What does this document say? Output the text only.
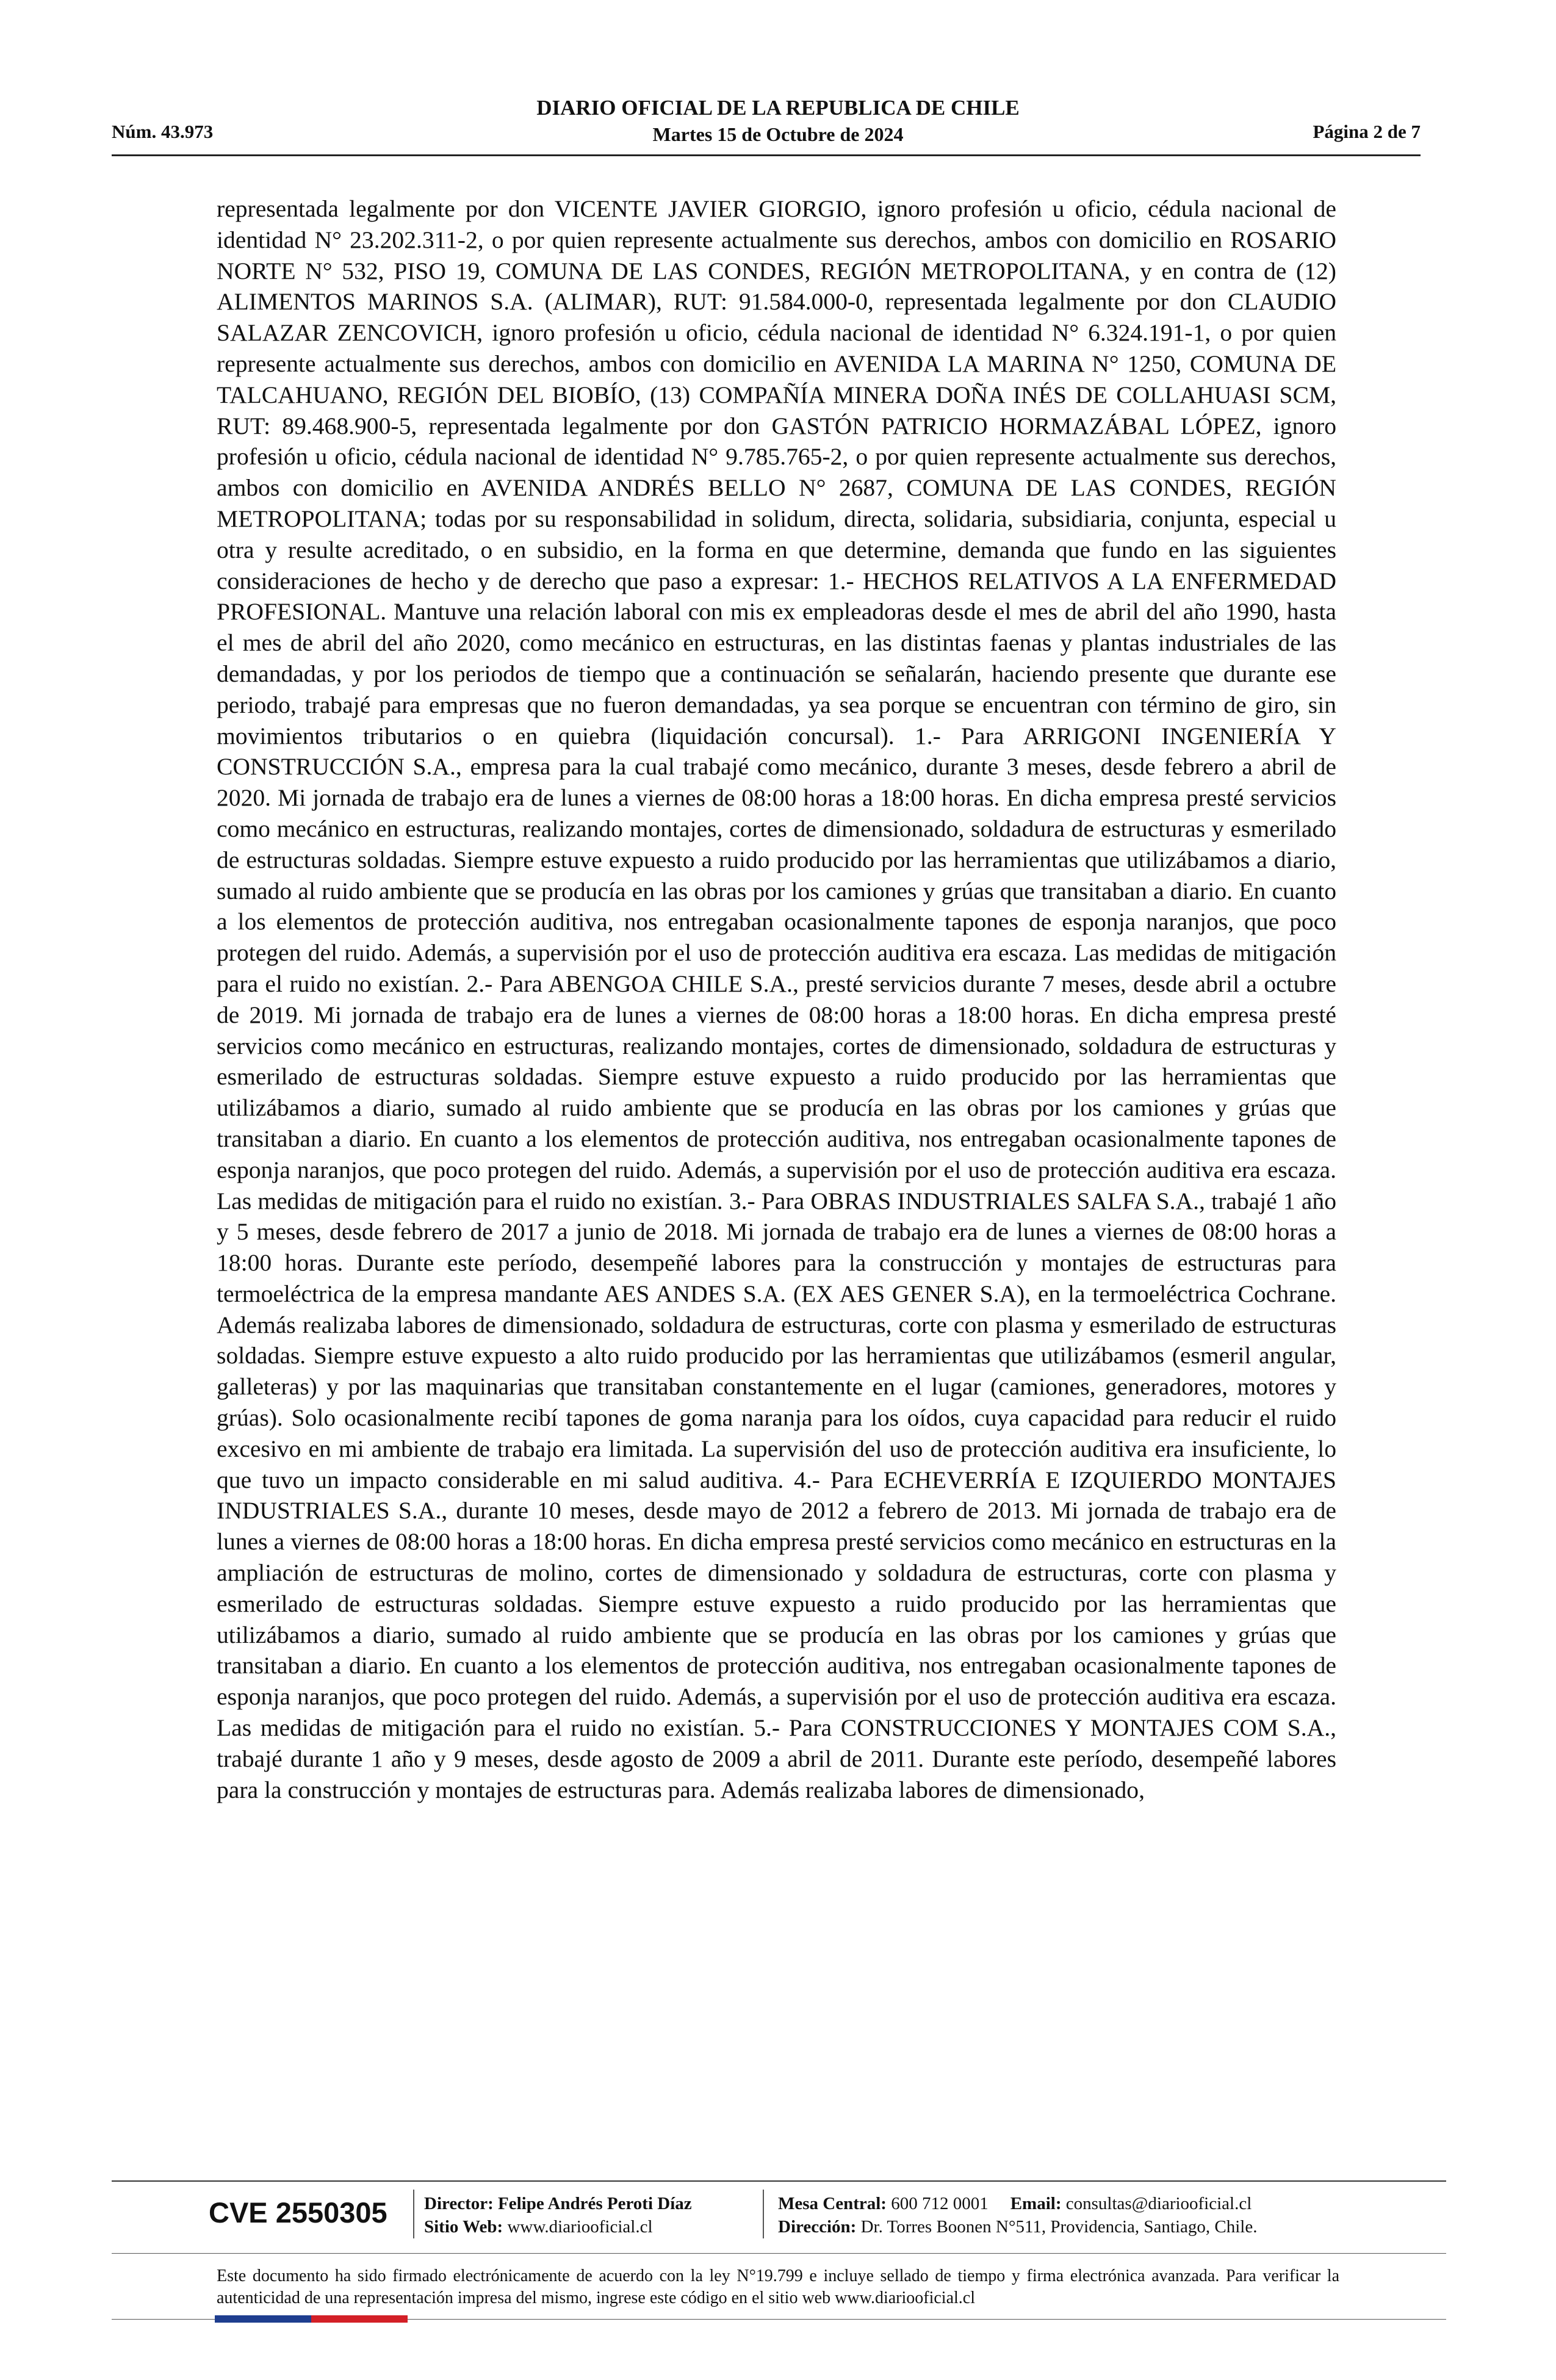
Núm. 43.973
DIARIO OFICIAL DE LA REPUBLICA DE CHILE
Martes 15 de Octubre de 2024	Página 2 de 7

representada legalmente por don VICENTE JAVIER GIORGIO, ignoro profesión u oficio, cédula nacional de identidad N° 23.202.311-2, o por quien represente actualmente sus derechos, ambos con domicilio en ROSARIO NORTE N° 532, PISO 19, COMUNA DE LAS CONDES, REGIÓN METROPOLITANA, y en contra de (12) ALIMENTOS MARINOS S.A. (ALIMAR), RUT: 91.584.000-0, representada legalmente por don CLAUDIO SALAZAR ZENCOVICH, ignoro profesión u oficio, cédula nacional de identidad N° 6.324.191-1, o por quien represente actualmente sus derechos, ambos con domicilio en AVENIDA LA MARINA N° 1250, COMUNA DE TALCAHUANO, REGIÓN DEL BIOBÍO, (13) COMPAÑÍA MINERA DOÑA INÉS DE COLLAHUASI SCM, RUT: 89.468.900-5, representada legalmente por don GASTÓN PATRICIO HORMAZÁBAL LÓPEZ, ignoro profesión u oficio, cédula nacional de identidad N° 9.785.765-2, o por quien represente actualmente sus derechos, ambos con domicilio en AVENIDA ANDRÉS BELLO N° 2687, COMUNA DE LAS CONDES, REGIÓN METROPOLITANA; todas por su responsabilidad in solidum, directa, solidaria, subsidiaria, conjunta, especial u otra y resulte acreditado, o en subsidio, en la forma en que determine, demanda que fundo en las siguientes consideraciones de hecho y de derecho que paso a expresar: 1.- HECHOS RELATIVOS A LA ENFERMEDAD PROFESIONAL. Mantuve una relación laboral con mis ex empleadoras desde el mes de abril del año 1990, hasta el mes de abril del año 2020, como mecánico en estructuras, en las distintas faenas y plantas industriales de las demandadas, y por los periodos de tiempo que a continuación se señalarán, haciendo presente que durante ese periodo, trabajé para empresas que no fueron demandadas, ya sea porque se encuentran con término de giro, sin movimientos tributarios o en quiebra (liquidación concursal). 1.- Para ARRIGONI INGENIERÍA Y CONSTRUCCIÓN S.A., empresa para la cual trabajé como mecánico, durante 3 meses, desde febrero a abril de 2020. Mi jornada de trabajo era de lunes a viernes de 08:00 horas a 18:00 horas. En dicha empresa presté servicios como mecánico en estructuras, realizando montajes, cortes de dimensionado, soldadura de estructuras y esmerilado de estructuras soldadas. Siempre estuve expuesto a ruido producido por las herramientas que utilizábamos a diario, sumado al ruido ambiente que se producía en las obras por los camiones y grúas que transitaban a diario. En cuanto a los elementos de protección auditiva, nos entregaban ocasionalmente tapones de esponja naranjos, que poco protegen del ruido. Además, a supervisión por el uso de protección auditiva era escaza. Las medidas de mitigación para el ruido no existían. 2.- Para ABENGOA CHILE S.A., presté servicios durante 7 meses, desde abril a octubre de 2019. Mi jornada de trabajo era de lunes a viernes de 08:00 horas a 18:00 horas. En dicha empresa presté servicios como mecánico en estructuras, realizando montajes, cortes de dimensionado, soldadura de estructuras y esmerilado de estructuras soldadas. Siempre estuve expuesto a ruido producido por las herramientas que utilizábamos a diario, sumado al ruido ambiente que se producía en las obras por los camiones y grúas que transitaban a diario. En cuanto a los elementos de protección auditiva, nos entregaban ocasionalmente tapones de esponja naranjos, que poco protegen del ruido. Además, a supervisión por el uso de protección auditiva era escaza. Las medidas de mitigación para el ruido no existían. 3.- Para OBRAS INDUSTRIALES SALFA S.A., trabajé 1 año y 5 meses, desde febrero de 2017 a junio de 2018. Mi jornada de trabajo era de lunes a viernes de 08:00 horas a 18:00 horas. Durante este período, desempeñé labores para la construcción y montajes de estructuras para termoeléctrica de la empresa mandante AES ANDES S.A. (EX AES GENER S.A), en la termoeléctrica Cochrane. Además realizaba labores de dimensionado, soldadura de estructuras, corte con plasma y esmerilado de estructuras soldadas. Siempre estuve expuesto a alto ruido producido por las herramientas que utilizábamos (esmeril angular, galleteras) y por las maquinarias que transitaban constantemente en el lugar (camiones, generadores, motores y grúas). Solo ocasionalmente recibí tapones de goma naranja para los oídos, cuya capacidad para reducir el ruido excesivo en mi ambiente de trabajo era limitada. La supervisión del uso de protección auditiva era insuficiente, lo que tuvo un impacto considerable en mi salud auditiva. 4.- Para ECHEVERRÍA E IZQUIERDO MONTAJES INDUSTRIALES S.A., durante 10 meses, desde mayo de 2012 a febrero de 2013. Mi jornada de trabajo era de lunes a viernes de 08:00 horas a 18:00 horas. En dicha empresa presté servicios como mecánico en estructuras en la ampliación de estructuras de molino, cortes de dimensionado y soldadura de estructuras, corte con plasma y esmerilado de estructuras soldadas. Siempre estuve expuesto a ruido producido por las herramientas que utilizábamos a diario, sumado al ruido ambiente que se producía en las obras por los camiones y grúas que transitaban a diario. En cuanto a los elementos de protección auditiva, nos entregaban ocasionalmente tapones de esponja naranjos, que poco protegen del ruido. Además, a supervisión por el uso de protección auditiva era escaza. Las medidas de mitigación para el ruido no existían. 5.- Para CONSTRUCCIONES Y MONTAJES COM S.A., trabajé durante 1 año y 9 meses, desde agosto de 2009 a abril de 2011. Durante este período, desempeñé labores para la construcción y montajes de estructuras para. Además realizaba labores de dimensionado,

CVE 2550305 Director: Felipe Andrés Peroti Díaz
Sitio Web: www.diariooficial.cl
Mesa Central: 600 712 0001 Email: consultas@diariooficial.cl
Dirección: Dr. Torres Boonen N°511, Providencia, Santiago, Chile.

Este documento ha sido firmado electrónicamente de acuerdo con la ley N°19.799 e incluye sellado de tiempo y firma electrónica avanzada. Para verificar la autenticidad de una representación impresa del mismo, ingrese este código en el sitio web www.diariooficial.cl
